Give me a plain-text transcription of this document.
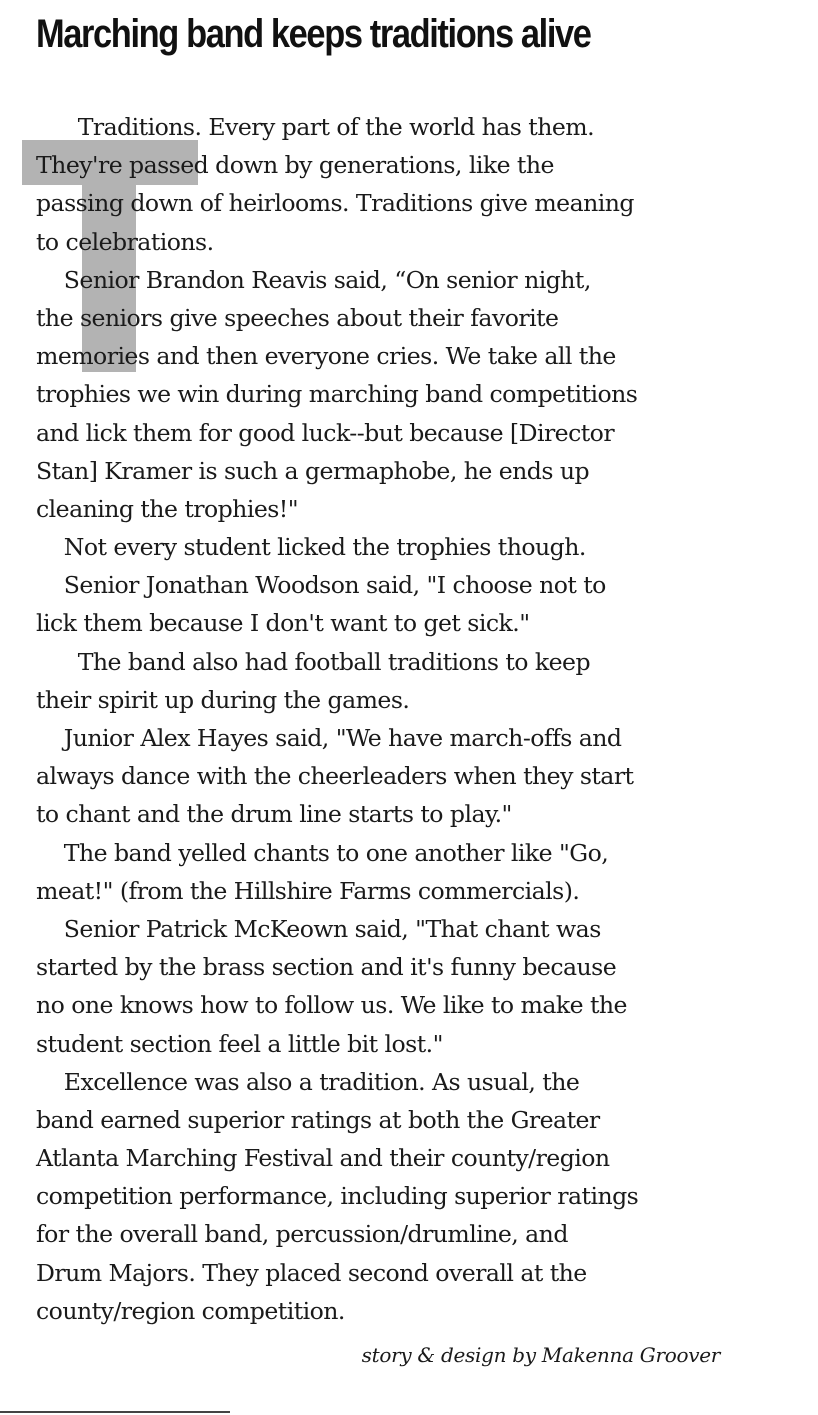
Marching band keeps traditions alive
Traditions. Every part of the world has them.
They're passed down by generations, like the
passing down of heirlooms. Traditions give meaning
to celebrations.
Senior Brandon Reavis said, “On senior night,
the seniors give speeches about their favorite
memories and then everyone cries. We take all the
trophies we win during marching band competitions
and lick them for good luck--but because [Director
Stan] Kramer is such a germaphobe, he ends up
cleaning the trophies!"
Not every student licked the trophies though.
Senior Jonathan Woodson said, "I choose not to
lick them because I don't want to get sick."
The band also had football traditions to keep
their spirit up during the games.
Junior Alex Hayes said, "We have march-offs and
always dance with the cheerleaders when they start
to chant and the drum line starts to play."
The band yelled chants to one another like "Go,
meat!" (from the Hillshire Farms commercials).
Senior Patrick McKeown said, "That chant was
started by the brass section and it's funny because
no one knows how to follow us. We like to make the
student section feel a little bit lost."
Excellence was also a tradition. As usual, the
band earned superior ratings at both the Greater
Atlanta Marching Festival and their county/region
competition performance, including superior ratings
for the overall band, percussion/drumline, and
Drum Majors. They placed second overall at the
county/region competition.
story & design by Makenna Groover
